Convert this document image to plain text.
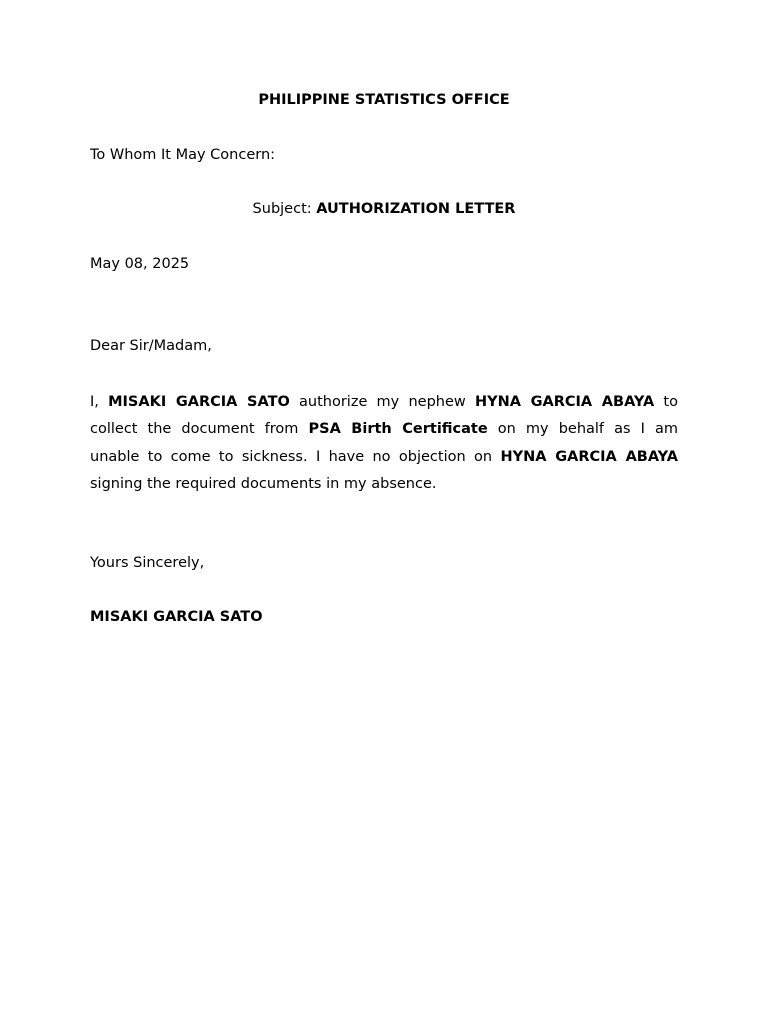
PHILIPPINE STATISTICS OFFICE
To Whom It May Concern:
Subject: AUTHORIZATION LETTER
May 08, 2025
Dear Sir/Madam,
I, MISAKI GARCIA SATO authorize my nephew HYNA GARCIA ABAYA to
collect the document from PSA Birth Certificate on my behalf as I am
unable to come to sickness. I have no objection on HYNA GARCIA ABAYA
signing the required documents in my absence.
Yours Sincerely,
MISAKI GARCIA SATO
